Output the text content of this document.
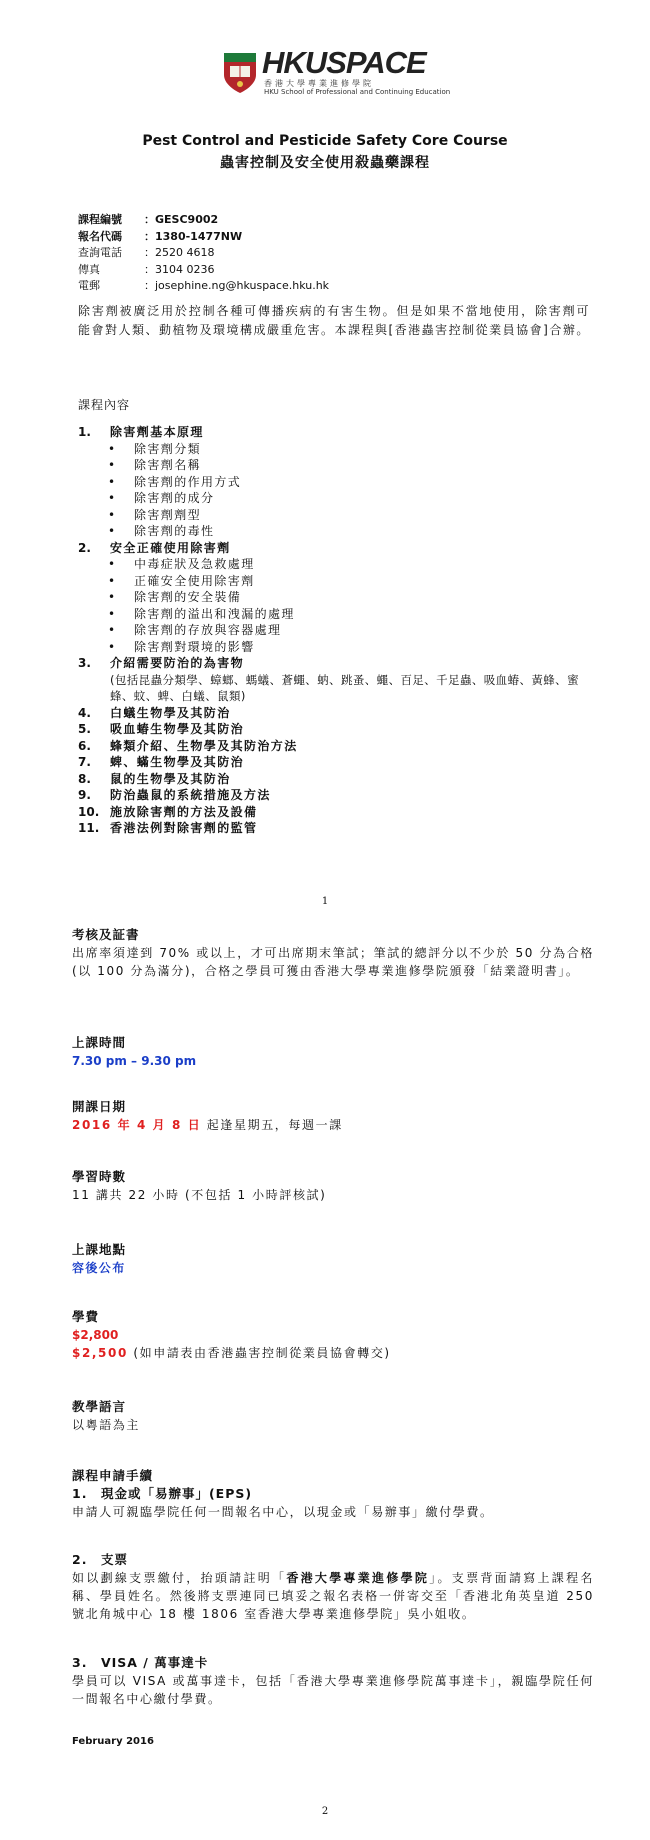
HKUSPACE
香港大學專業進修學院
HKU School of Professional and Continuing Education
Pest Control and Pesticide Safety Core Course
蟲害控制及安全使用殺蟲藥課程
課程編號	： GESC9002
報名代碼	： 1380-1477NW
查詢電話	： 2520 4618
傳真	： 3104 0236
電郵	： josephine.ng@hkuspace.hku.hk
除害劑被廣泛用於控制各種可傳播疾病的有害生物。但是如果不當地使用，除害劑可能會對人類、動植物及環境構成嚴重危害。本課程與[香港蟲害控制從業員協會]合辦。
課程內容
1.	除害劑基本原理
•	除害劑分類
•	除害劑名稱
•	除害劑的作用方式
•	除害劑的成分
•	除害劑劑型
•	除害劑的毒性
2.	安全正確使用除害劑
•	中毒症狀及急救處理
•	正確安全使用除害劑
•	除害劑的安全裝備
•	除害劑的溢出和洩漏的處理
•	除害劑的存放與容器處理
•	除害劑對環境的影響
3.	介紹需要防治的為害物
(包括昆蟲分類學、蟑螂、螞蟻、蒼蠅、蚋、跳蚤、蠅、百足、千足蟲、吸血蝽、黃蜂、蜜蜂、蚊、蜱、白蟻、鼠類)
4.	白蟻生物學及其防治
5.	吸血蝽生物學及其防治
6.	蜂類介紹、生物學及其防治方法
7.	蜱、蟎生物學及其防治
8.	鼠的生物學及其防治
9.	防治蟲鼠的系統措施及方法
10. 施放除害劑的方法及設備
11. 香港法例對除害劑的監管
1
考核及証書
出席率須達到 70% 或以上，才可出席期末筆試；筆試的總評分以不少於 50 分為合格 (以 100 分為滿分)，合格之學員可獲由香港大學專業進修學院頒發「結業證明書」。
上課時間
7.30 pm – 9.30 pm
開課日期
2016 年 4 月 8 日 起逢星期五，每週一課
學習時數
11 講共 22 小時 (不包括 1 小時評核試)
上課地點
容後公布
學費
$2,800
$2,500 (如申請表由香港蟲害控制從業員協會轉交)
教學語言
以粵語為主
課程申請手續
1.　現金或「易辦事」(EPS)
申請人可親臨學院任何一間報名中心，以現金或「易辦事」繳付學費。
2.　支票
如以劃線支票繳付，抬頭請註明「香港大學專業進修學院」。支票背面請寫上課程名稱、學員姓名。然後將支票連同已填妥之報名表格一併寄交至「香港北角英皇道 250 號北角城中心 18 樓 1806 室香港大學專業進修學院」吳小姐收。
3.　VISA / 萬事達卡
學員可以 VISA 或萬事達卡，包括「香港大學專業進修學院萬事達卡」，親臨學院任何一間報名中心繳付學費。
February 2016
2
